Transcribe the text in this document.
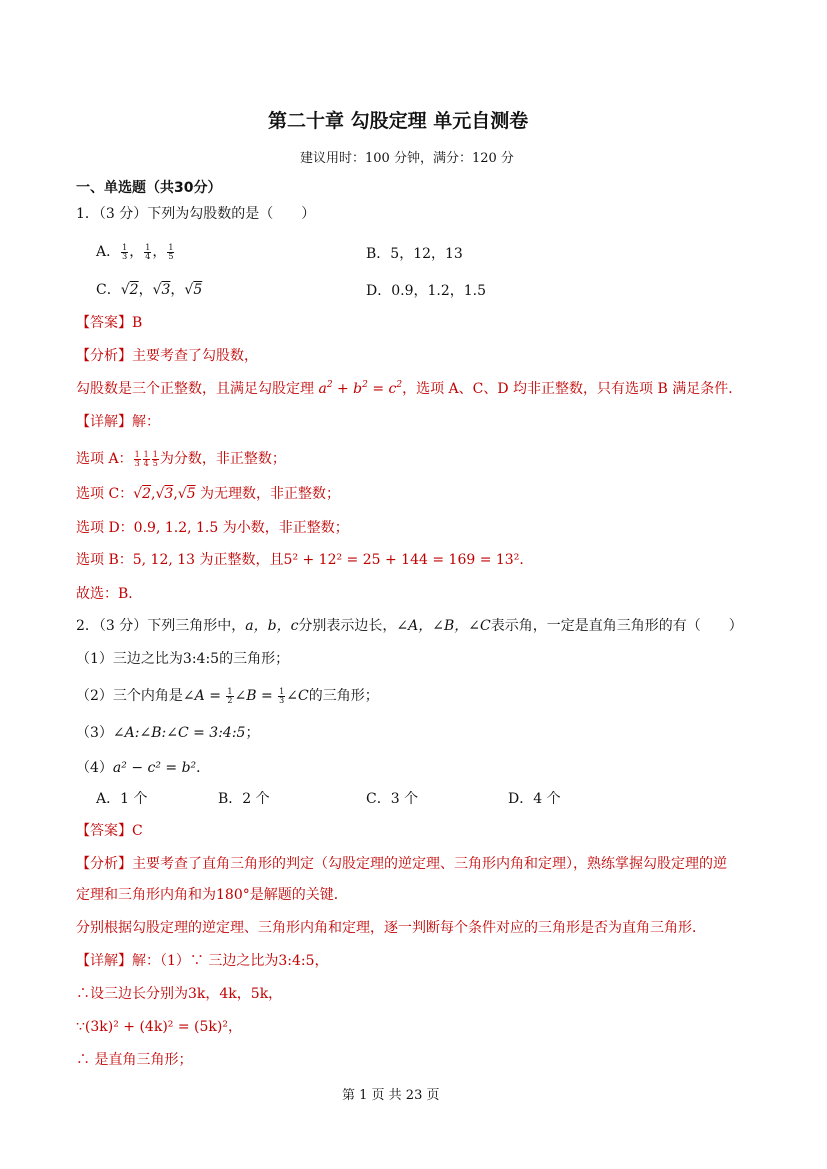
第二十章 勾股定理 单元自测卷
建议用时：100 分钟，满分：120 分
一、单选题（共30分）
1．（3 分）下列为勾股数的是（　　）
A． $\frac{1}{3}$ ， $\frac{1}{4}$ ， $\frac{1}{5}$	B．5，12，13
C．√2，√3，√5	D．0.9，1.2，1.5
【答案】B
【分析】主要考查了勾股数，
勾股数是三个正整数，且满足勾股定理 $a^2 + b^2 = c^2$，选项 A、C、D 均非正整数，只有选项 B 满足条件．
【详解】解：
选项 A： $\frac{1}{3} \frac{1}{4} \frac{1}{5}$ 为分数，非正整数；
选项 C：√2,√3,√5 为无理数，非正整数；
选项 D：0.9, 1.2, 1.5 为小数，非正整数；
选项 B：5, 12, 13 为正整数，且5² + 12² = 25 + 144 = 169 = 13²．
故选：B．
2．（3 分）下列三角形中，a，b，c分别表示边长，∠A，∠B，∠C表示角，一定是直角三角形的有（　　）
（1）三边之比为3:4:5的三角形；
（2）三个内角是∠A = $\frac{1}{2}$ ∠B = $\frac{1}{3}$ ∠C的三角形；
（3）∠A:∠B:∠C = 3:4:5；
（4）a² − c² = b²．
A．1 个	B．2 个	C．3 个	D．4 个
【答案】C
【分析】主要考查了直角三角形的判定（勾股定理的逆定理、三角形内角和定理），熟练掌握勾股定理的逆
定理和三角形内角和为180°是解题的关键．
分别根据勾股定理的逆定理、三角形内角和定理，逐一判断每个条件对应的三角形是否为直角三角形．
【详解】解：（1）∵ 三边之比为3:4:5，
∴设三边长分别为3k，4k，5k，
∵(3k)² + (4k)² = (5k)²，
∴ 是直角三角形；
第 1 页 共 23 页
